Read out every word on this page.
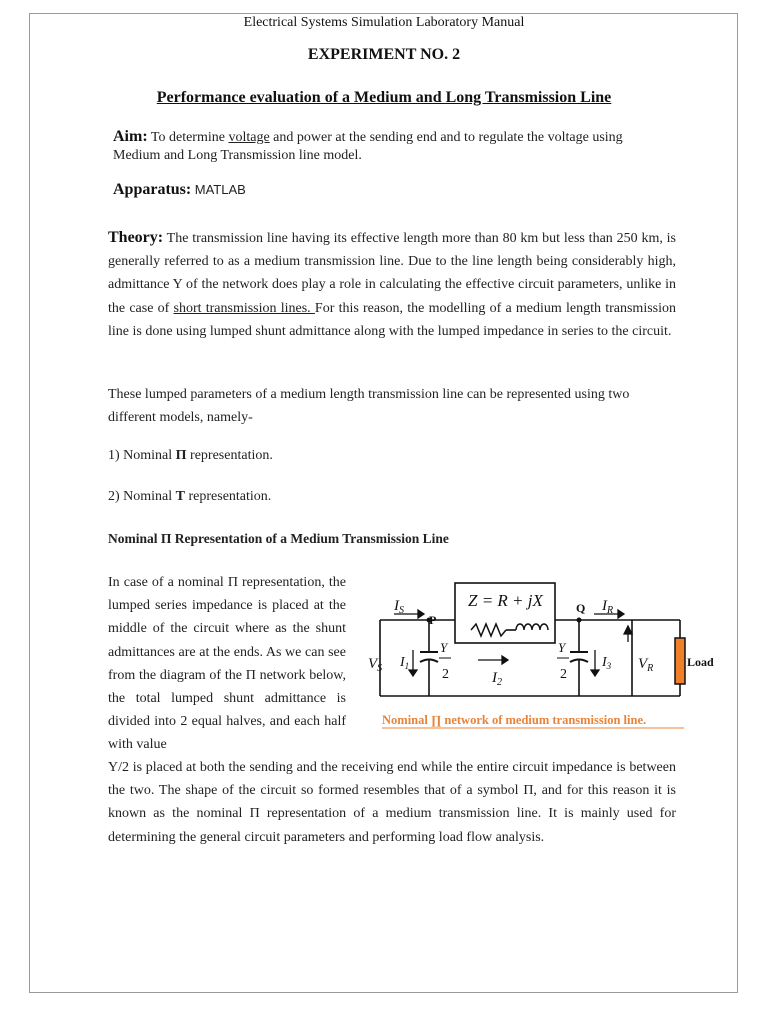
Electrical Systems Simulation Laboratory Manual
EXPERIMENT NO. 2
Performance evaluation of a Medium and Long Transmission Line
Aim: To determine voltage and power at the sending end and to regulate the voltage using Medium and Long Transmission line model.
Apparatus: MATLAB
Theory: The transmission line having its effective length more than 80 km but less than 250 km, is generally referred to as a medium transmission line. Due to the line length being considerably high, admittance Y of the network does play a role in calculating the effective circuit parameters, unlike in the case of short transmission lines. For this reason, the modelling of a medium length transmission line is done using lumped shunt admittance along with the lumped impedance in series to the circuit.
These lumped parameters of a medium length transmission line can be represented using two different models, namely-
1) Nominal Π representation.
2) Nominal T representation.
Nominal Π Representation of a Medium Transmission Line
In case of a nominal Π representation, the lumped series impedance is placed at the middle of the circuit where as the shunt admittances are at the ends. As we can see from the diagram of the Π network below, the total lumped shunt admittance is divided into 2 equal halves, and each half with value
Z = R + jX
$I_S$	$I_R$
$V_S$	$V_R$
$I_1$
$I_2$
$I_3$
Y
2
Y
2
P
Q
Load
Nominal ∏ network of medium transmission line.
Y/2 is placed at both the sending and the receiving end while the entire circuit impedance is between the two. The shape of the circuit so formed resembles that of a symbol Π, and for this reason it is known as the nominal Π representation of a medium transmission line. It is mainly used for determining the general circuit parameters and performing load flow analysis.
